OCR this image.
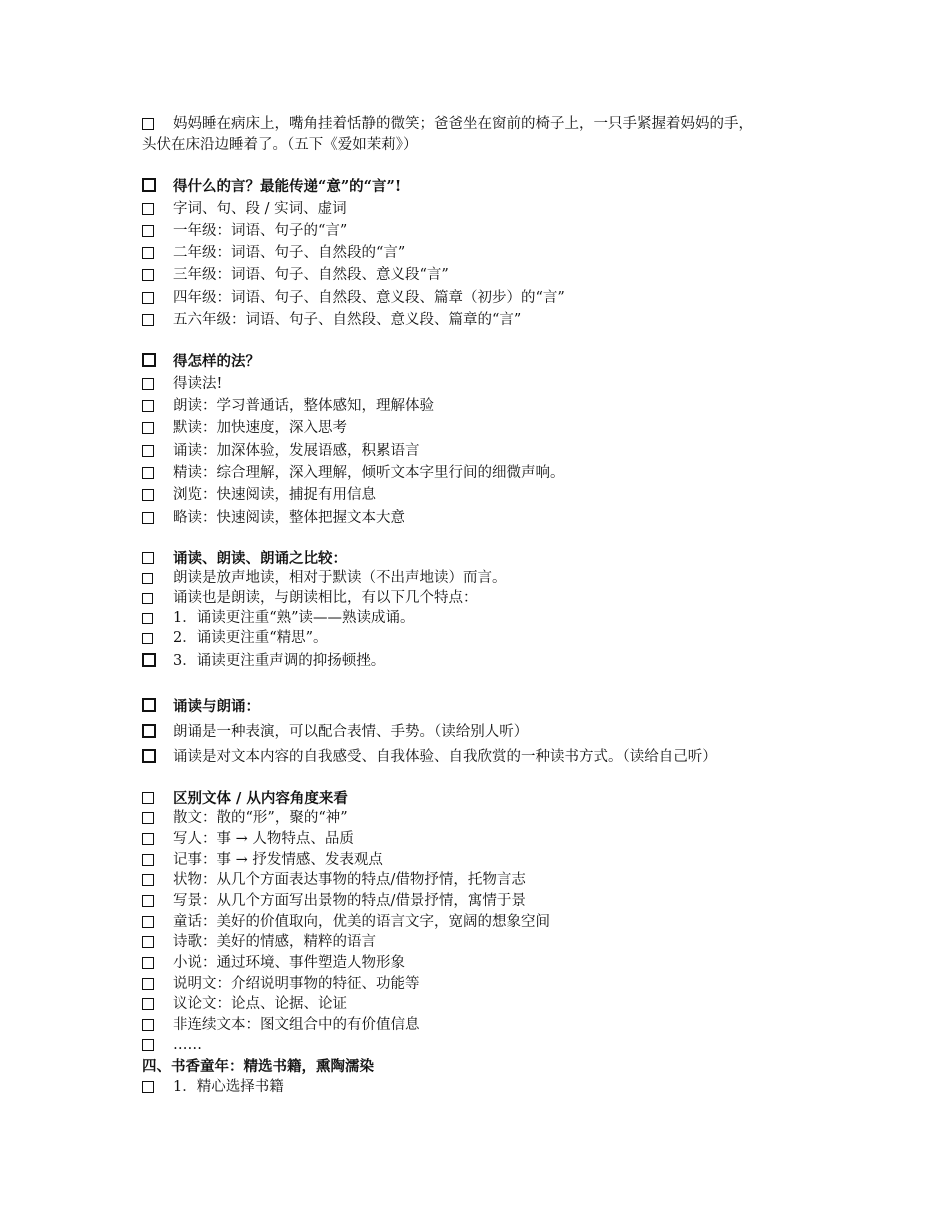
妈妈睡在病床上，嘴角挂着恬静的微笑；爸爸坐在窗前的椅子上，一只手紧握着妈妈的手，
头伏在床沿边睡着了。（五下《爱如茉莉》）
得什么的言？最能传递“意”的“言”!
字词、句、段 / 实词、虚词
一年级：词语、句子的“言”
二年级：词语、句子、自然段的“言”
三年级：词语、句子、自然段、意义段“言”
四年级：词语、句子、自然段、意义段、篇章（初步）的“言”
五六年级：词语、句子、自然段、意义段、篇章的“言”
得怎样的法？
得读法!
朗读：学习普通话，整体感知，理解体验
默读：加快速度，深入思考
诵读：加深体验，发展语感，积累语言
精读：综合理解，深入理解，倾听文本字里行间的细微声响。
浏览：快速阅读，捕捉有用信息
略读：快速阅读，整体把握文本大意
诵读、朗读、朗诵之比较：
朗读是放声地读，相对于默读（不出声地读）而言。
诵读也是朗读，与朗读相比，有以下几个特点：
1．诵读更注重“熟”读——熟读成诵。
2．诵读更注重“精思”。
3．诵读更注重声调的抑扬顿挫。
诵读与朗诵：
朗诵是一种表演，可以配合表情、手势。（读给别人听）
诵读是对文本内容的自我感受、自我体验、自我欣赏的一种读书方式。（读给自己听）
区别文体 / 从内容角度来看
散文：散的“形”，聚的“神”
写人：事 → 人物特点、品质
记事：事 → 抒发情感、发表观点
状物：从几个方面表达事物的特点/借物抒情，托物言志
写景：从几个方面写出景物的特点/借景抒情，寓情于景
童话：美好的价值取向，优美的语言文字，宽阔的想象空间
诗歌：美好的情感，精粹的语言
小说：通过环境、事件塑造人物形象
说明文：介绍说明事物的特征、功能等
议论文：论点、论据、论证
非连续文本：图文组合中的有价值信息
……
四、书香童年：精选书籍，熏陶濡染
1．精心选择书籍
